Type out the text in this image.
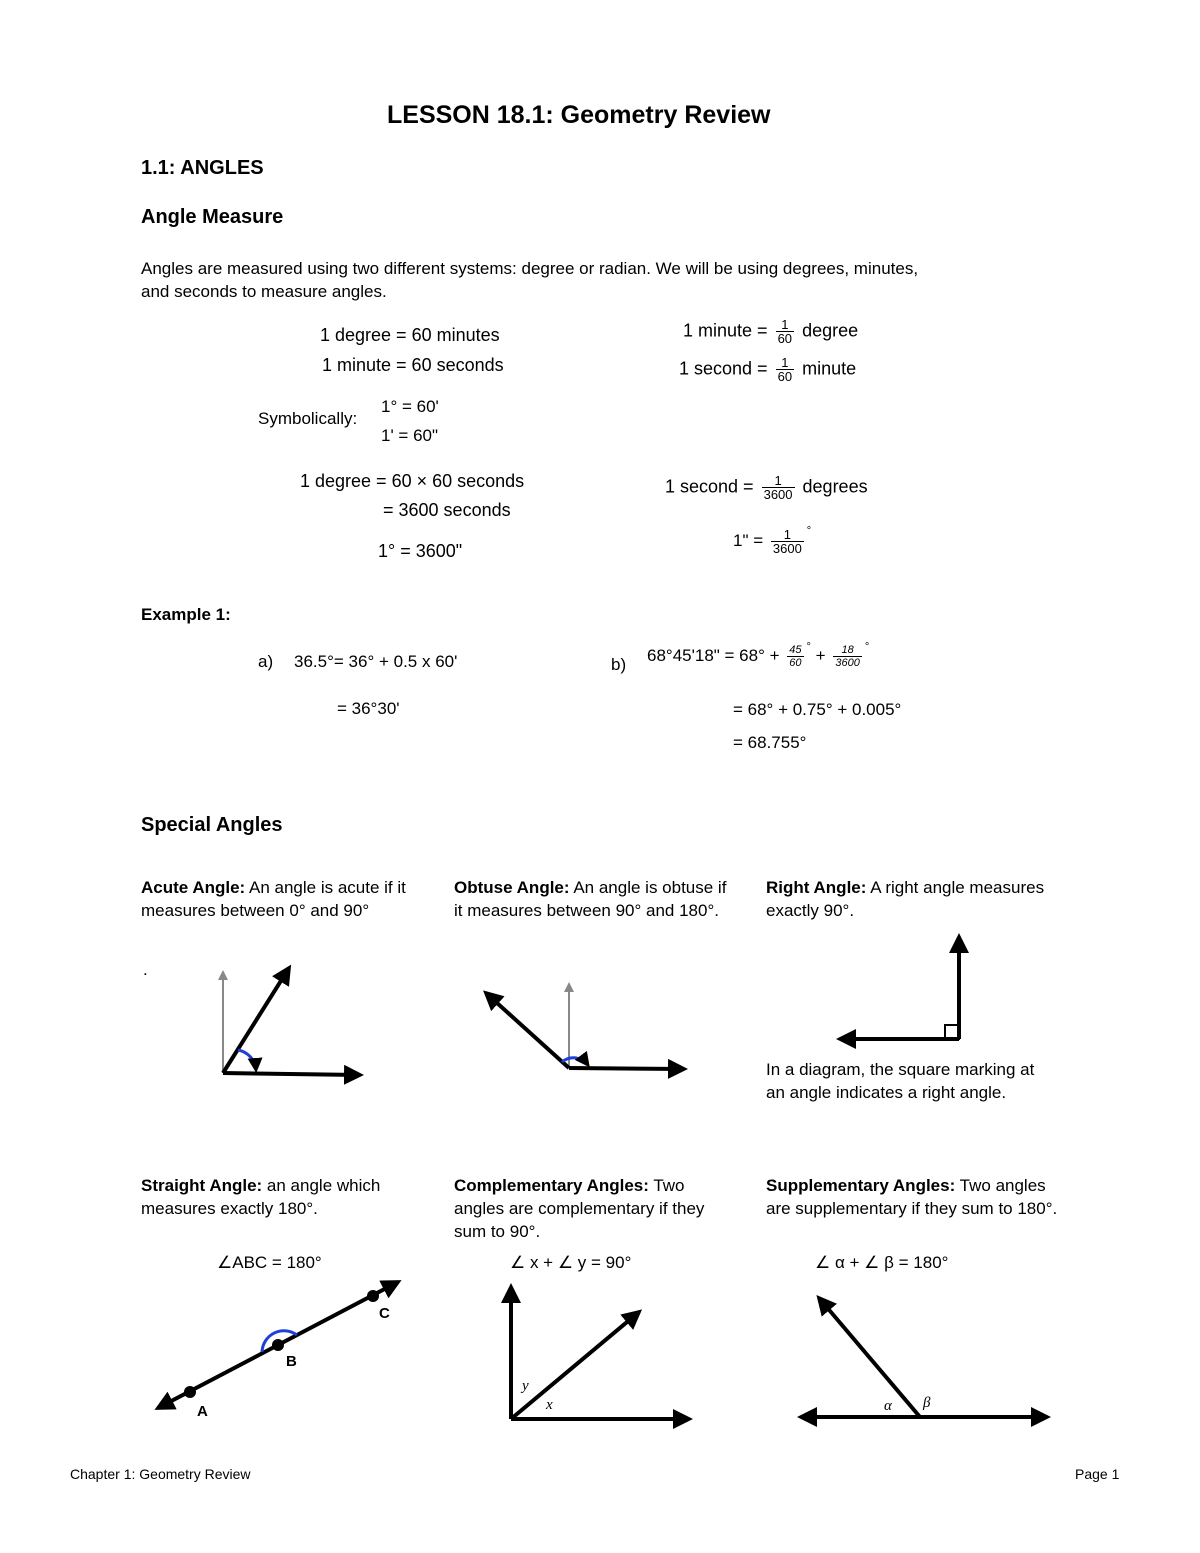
LESSON 18.1: Geometry Review
1.1: ANGLES
Angle Measure
Angles are measured using two different systems: degree or radian. We will be using degrees, minutes,
and seconds to measure angles.
1 degree = 60 minutes
1 minute = 60 seconds
1 minute = $\frac{1}{60}$ degree
1 second = $\frac{1}{60}$ minute
Symbolically:
1° = 60'
1' = 60"
1 degree = 60 × 60 seconds
= 3600 seconds
1° = 3600"
1 second = $\frac{1}{3600}$ degrees
1" = $\frac{1}{3600} ^\circ$
Example 1:
a) 36.5°= 36° + 0.5 x 60'
= 36°30'
b) 68°45'18" = $68^\circ + \frac{45}{60} ^\circ + \frac{18}{3600} ^\circ$
= 68° + 0.75° + 0.005°
= 68.755°
Special Angles
Acute Angle: An angle is acute if it measures between 0° and 90°
.
Obtuse Angle: An angle is obtuse if it measures between 90° and 180°.
Right Angle: A right angle measures exactly 90°.
In a diagram, the square marking at an angle indicates a right angle.
Straight Angle: an angle which measures exactly 180°.
∠ABC = 180°
Complementary Angles: Two angles are complementary if they sum to 90°.
∠ x + ∠ y = 90°
Supplementary Angles: Two angles are supplementary if they sum to 180°.
∠ α + ∠ β = 180°
A
B
C
y
x	α β
Chapter 1: Geometry Review	Page 1
